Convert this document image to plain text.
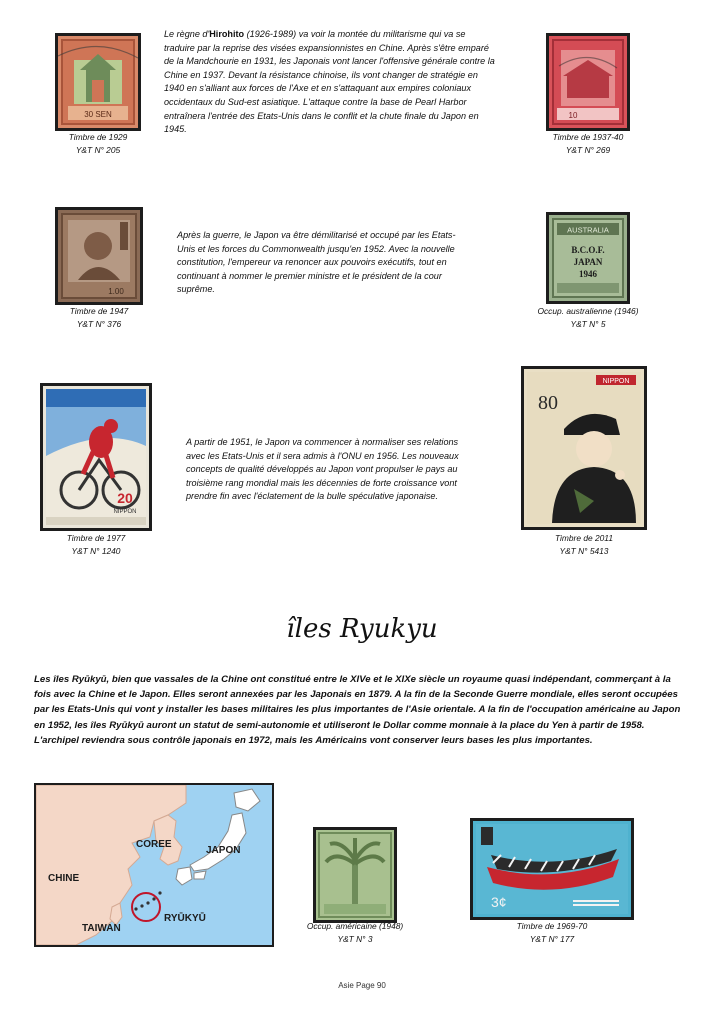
30 SEN
Timbre de 1929
Y&T N° 205
Le règne d'Hirohito (1926-1989) va voir la montée du militarisme qui va se traduire par la reprise des visées expansionnistes en Chine. Après s'être emparé de la Mandchourie en 1931, les Japonais vont lancer l'offensive générale contre la Chine en 1937. Devant la résistance chinoise, ils vont changer de stratégie en 1940 en s'alliant aux forces de l'Axe et en s'attaquant aux empires coloniaux occidentaux du Sud-est asiatique. L'attaque contre la base de Pearl Harbor entraînera l'entrée des Etats-Unis dans le conflit et la chute finale du Japon en 1945.
10
Timbre de 1937-40
Y&T N° 269
1.00
Timbre de 1947
Y&T N° 376
Après la guerre, le Japon va être démilitarisé et occupé par les Etats-Unis et les forces du Commonwealth jusqu'en 1952. Avec la nouvelle constitution, l'empereur va renoncer aux pouvoirs exécutifs, tout en continuant à nommer le premier ministre et le président de la cour suprême.
AUSTRALIA
B.C.O.F.
JAPAN
1946
Occup. australienne (1946)
Y&T N° 5
20
NIPPON
Timbre de 1977
Y&T N° 1240
A partir de 1951, le Japon va commencer à normaliser ses relations avec les Etats-Unis et il sera admis à l'ONU en 1956. Les nouveaux concepts de qualité développés au Japon vont propulser le pays au troisième rang mondial mais les décennies de forte croissance vont prendre fin avec l'éclatement de la bulle spéculative japonaise.
NIPPON
80
Timbre de 2011
Y&T N° 5413
îles Ryukyu
Les îles Ryūkyū, bien que vassales de la Chine ont constitué entre le XIVe et le XIXe siècle un royaume quasi indépendant, commerçant à la fois avec la Chine et le Japon. Elles seront annexées par les Japonais en 1879. A la fin de la Seconde Guerre mondiale, elles seront occupées par les Etats-Unis qui vont y installer les bases militaires les plus importantes de l'Asie orientale. A la fin de l'occupation américaine au Japon en 1952, les îles Ryūkyū auront un statut de semi-autonomie et utiliseront le Dollar comme monnaie à la place du Yen à partir de 1958. L'archipel reviendra sous contrôle japonais en 1972, mais les Américains vont conserver leurs bases les plus importantes.
CHINE
COREE
JAPON
TAIWAN
RYŪKYŪ
Occup. américaine (1948)
Y&T N° 3
3¢
Timbre de 1969-70
Y&T N° 177
Asie Page 90
